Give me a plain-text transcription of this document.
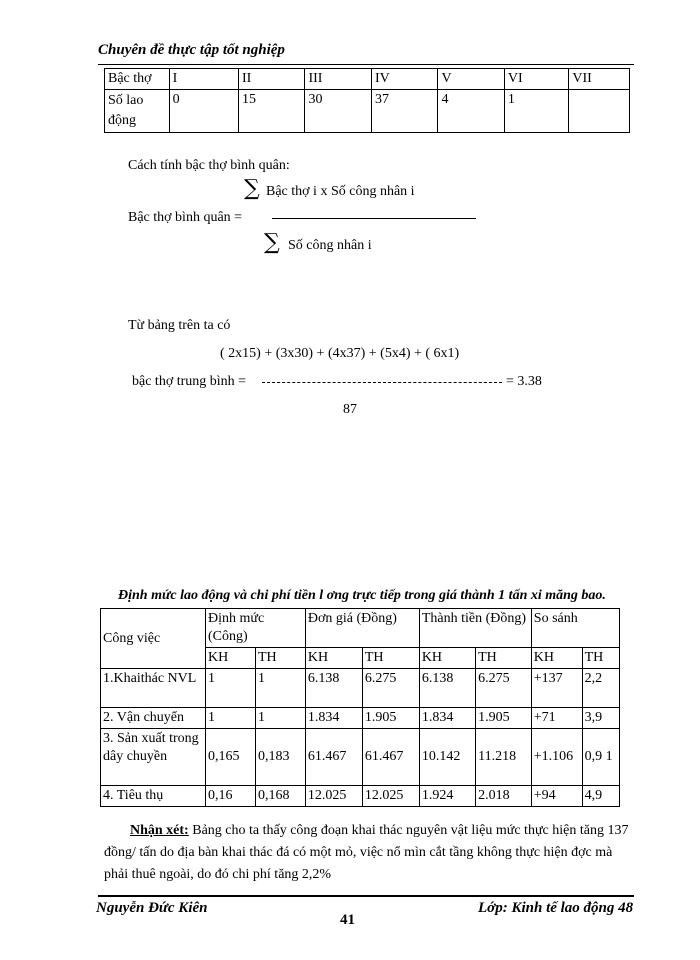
Chuyên đề thực tập tốt nghiệp
Bậc thợ	I	II	III	IV	V	VI	VII
Số lao động	0	15	30	37	4	1	
Cách tính bậc thợ bình quân:
∑ Bậc thợ i x Số công nhân i
Bậc thợ bình quân =
∑ Số công nhân i
Từ bảng trên ta có
( 2x15) + (3x30) + (4x37) + (5x4) + ( 6x1)
bậc thợ trung bình =	= 3.38
87
Định mức lao động và chi phí tiền l ơng trực tiếp trong giá thành 1 tấn xi măng bao.
Công việc	Định mức (Công)		Đơn giá (Đồng)		Thành tiền (Đồng)		So sánh	
	KH	TH	KH	TH	KH	TH	KH	TH
1.Khaithác NVL	1	1	6.138	6.275	6.138	6.275	+137	2,2
2. Vận chuyển	1	1	1.834	1.905	1.834	1.905	+71	3,9
3. Sản xuất trong dây chuyền	0,165	0,183	61.467	61.467	10.142	11.218	+1.106	0,9 1
4. Tiêu thụ	0,16	0,168	12.025	12.025	1.924	2.018	+94	4,9
Nhận xét: Bảng cho ta thấy công đoạn khai thác nguyên vật liệu mức thực hiện tăng 137 đồng/ tấn do địa bàn khai thác đá có một mỏ, việc nổ mìn cắt tầng không thực hiện đợc mà phải thuê ngoài, do đó chi phí tăng 2,2%
Nguyễn Đức Kiên
41
Lớp: Kinh tế lao động 48
